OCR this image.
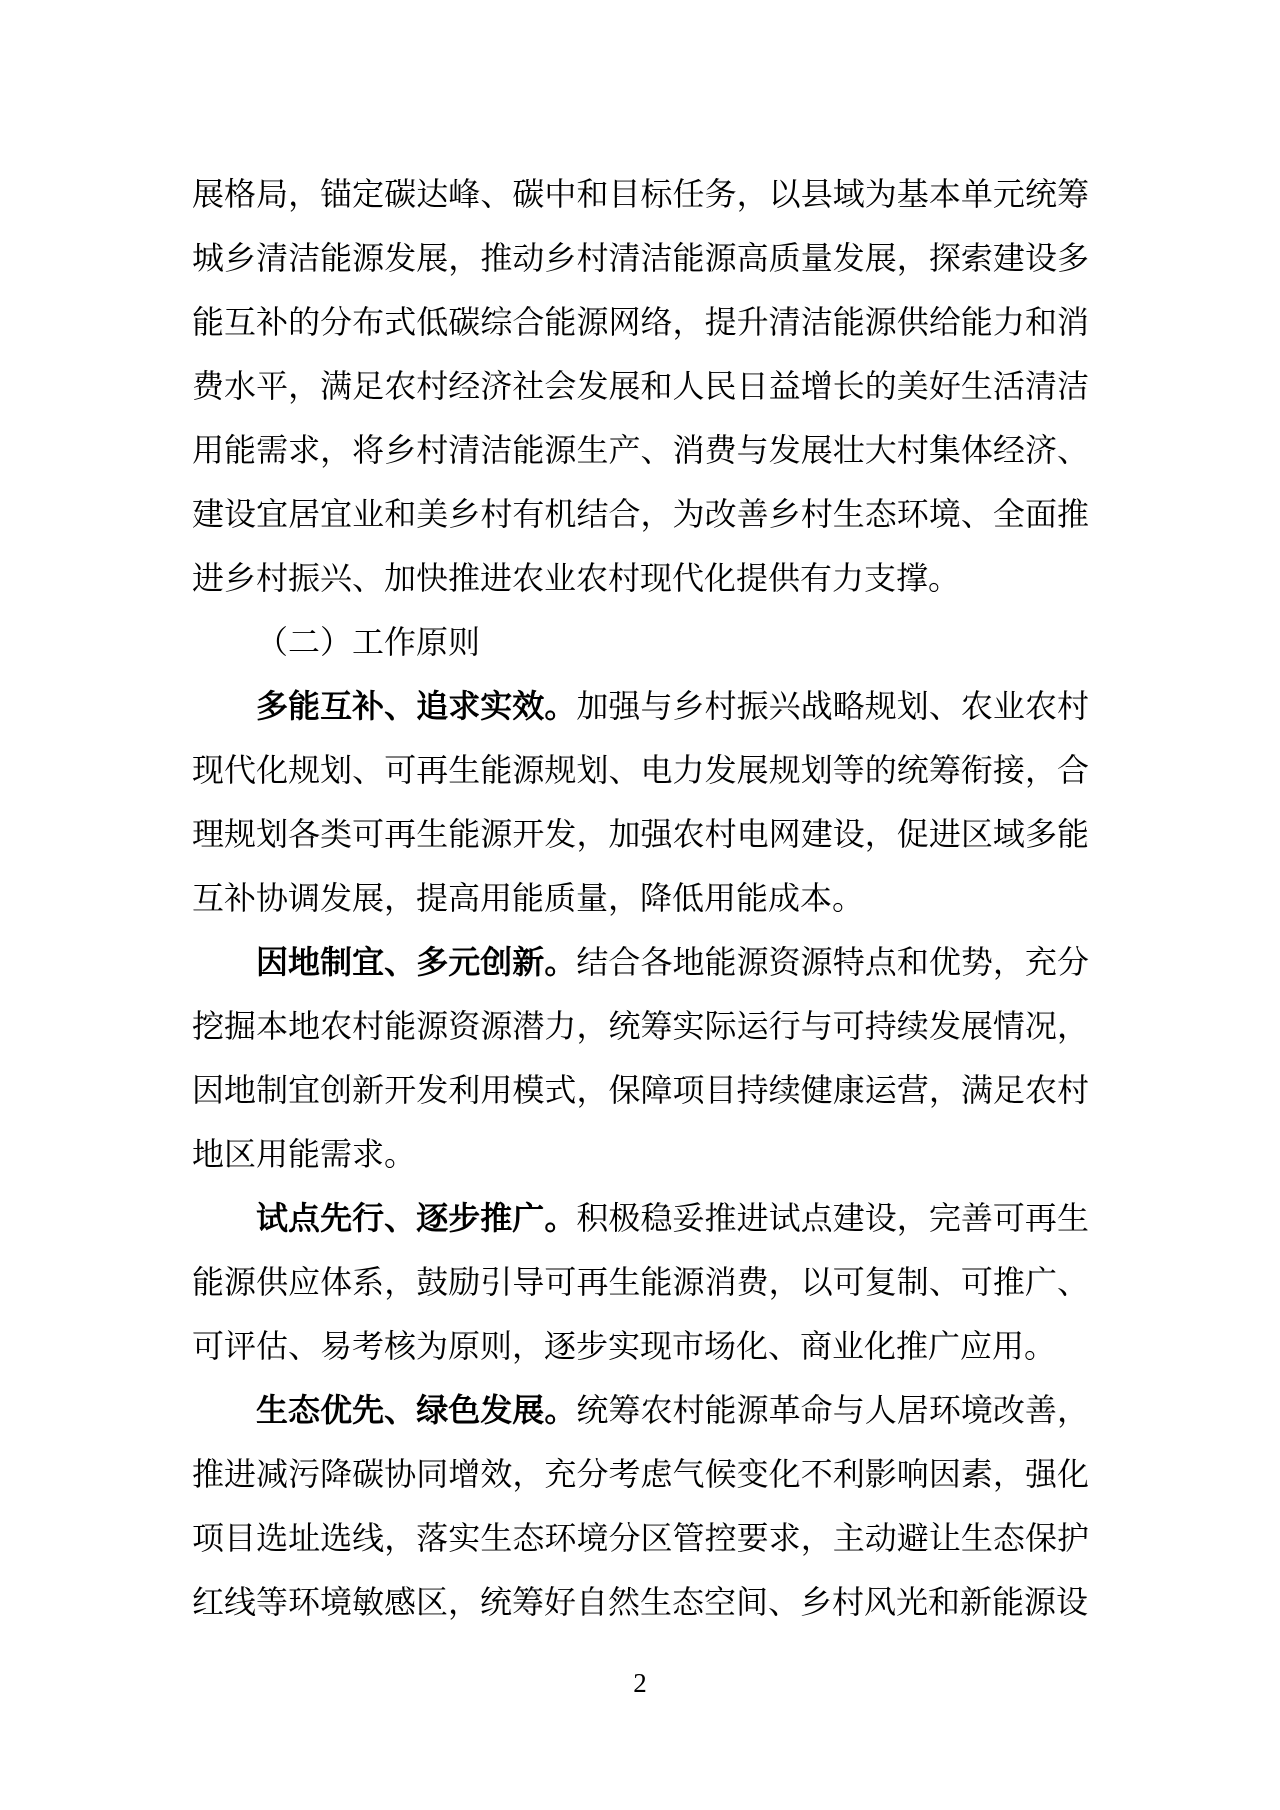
展格局，锚定碳达峰、碳中和目标任务，以县域为基本单元统筹城乡清洁能源发展，推动乡村清洁能源高质量发展，探索建设多能互补的分布式低碳综合能源网络，提升清洁能源供给能力和消费水平，满足农村经济社会发展和人民日益增长的美好生活清洁用能需求，将乡村清洁能源生产、消费与发展壮大村集体经济、建设宜居宜业和美乡村有机结合，为改善乡村生态环境、全面推进乡村振兴、加快推进农业农村现代化提供有力支撑。

（二）工作原则

多能互补、追求实效。加强与乡村振兴战略规划、农业农村现代化规划、可再生能源规划、电力发展规划等的统筹衔接，合理规划各类可再生能源开发，加强农村电网建设，促进区域多能互补协调发展，提高用能质量，降低用能成本。

因地制宜、多元创新。结合各地能源资源特点和优势，充分挖掘本地农村能源资源潜力，统筹实际运行与可持续发展情况，因地制宜创新开发利用模式，保障项目持续健康运营，满足农村地区用能需求。

试点先行、逐步推广。积极稳妥推进试点建设，完善可再生能源供应体系，鼓励引导可再生能源消费，以可复制、可推广、可评估、易考核为原则，逐步实现市场化、商业化推广应用。

生态优先、绿色发展。统筹农村能源革命与人居环境改善，推进减污降碳协同增效，充分考虑气候变化不利影响因素，强化项目选址选线，落实生态环境分区管控要求，主动避让生态保护红线等环境敏感区，统筹好自然生态空间、乡村风光和新能源设

2
